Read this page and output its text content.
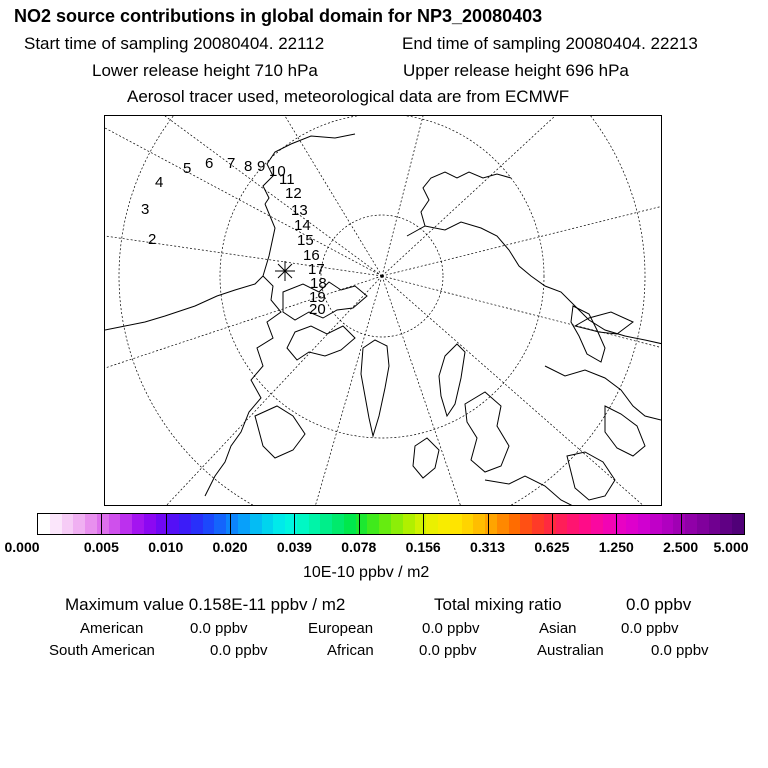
NO2 source contributions in global domain for NP3_20080403
Start time of sampling 20080404. 22112	End time of sampling 20080404. 22213
Lower release height 710 hPa	Upper release height 696 hPa
Aerosol tracer used, meteorological data are from ECMWF
2
3
4
5 6 7 8 9 10
11
12
13
14
15
16
17
18
19
20
0.000	0.005 0.010 0.020 0.039 0.078 0.156 0.313 0.625 1.250 2.500 5.000
10E-10 ppbv / m2
Maximum value 0.158E-11 ppbv / m2	Total mixing ratio	0.0 ppbv
American	0.0 ppbv	European	0.0 ppbv	Asian	0.0 ppbv
South American	0.0 ppbv	African	0.0 ppbv	Australian	0.0 ppbv
